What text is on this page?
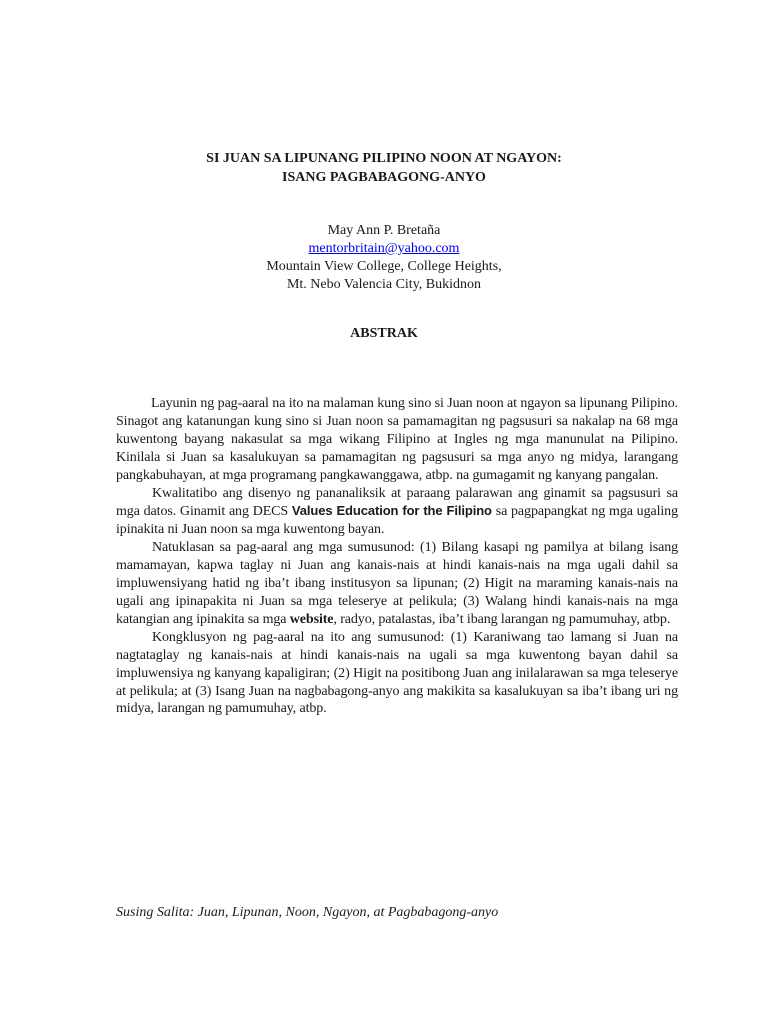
SI JUAN SA LIPUNANG PILIPINO NOON AT NGAYON:
ISANG PAGBABAGONG-ANYO
May Ann P. Bretaña
mentorbritain@yahoo.com
Mountain View College, College Heights,
Mt. Nebo Valencia City, Bukidnon
ABSTRAK

Layunin ng pag-aaral na ito na malaman kung sino si Juan noon at ngayon sa lipunang Pilipino. Sinagot ang katanungan kung sino si Juan noon sa pamamagitan ng pagsusuri sa nakalap na 68 mga kuwentong bayang nakasulat sa mga wikang Filipino at Ingles ng mga manunulat na Pilipino. Kinilala si Juan sa kasalukuyan sa pamamagitan ng pagsusuri sa mga anyo ng midya, larangang pangkabuhayan, at mga programang pangkawanggawa, atbp. na gumagamit ng kanyang pangalan.

Kwalitatibo ang disenyo ng pananaliksik at paraang palarawan ang ginamit sa pagsusuri sa mga datos. Ginamit ang DECS Values Education for the Filipino sa pagpapangkat ng mga ugaling ipinakita ni Juan noon sa mga kuwentong bayan.

Natuklasan sa pag-aaral ang mga sumusunod: (1) Bilang kasapi ng pamilya at bilang isang mamamayan, kapwa taglay ni Juan ang kanais-nais at hindi kanais-nais na mga ugali dahil sa impluwensiyang hatid ng iba’t ibang institusyon sa lipunan; (2) Higit na maraming kanais-nais na ugali ang ipinapakita ni Juan sa mga teleserye at pelikula; (3) Walang hindi kanais-nais na mga katangian ang ipinakita sa mga website, radyo, patalastas, iba’t ibang larangan ng pamumuhay, atbp.

Kongklusyon ng pag-aaral na ito ang sumusunod: (1) Karaniwang tao lamang si Juan na nagtataglay ng kanais-nais at hindi kanais-nais na ugali sa mga kuwentong bayan dahil sa impluwensiya ng kanyang kapaligiran; (2) Higit na positibong Juan ang inilalarawan sa mga teleserye at pelikula; at (3) Isang Juan na nagbabagong-anyo ang makikita sa kasalukuyan sa iba’t ibang uri ng midya, larangan ng pamumuhay, atbp.

Susing Salita: Juan, Lipunan, Noon, Ngayon, at Pagbabagong-anyo
